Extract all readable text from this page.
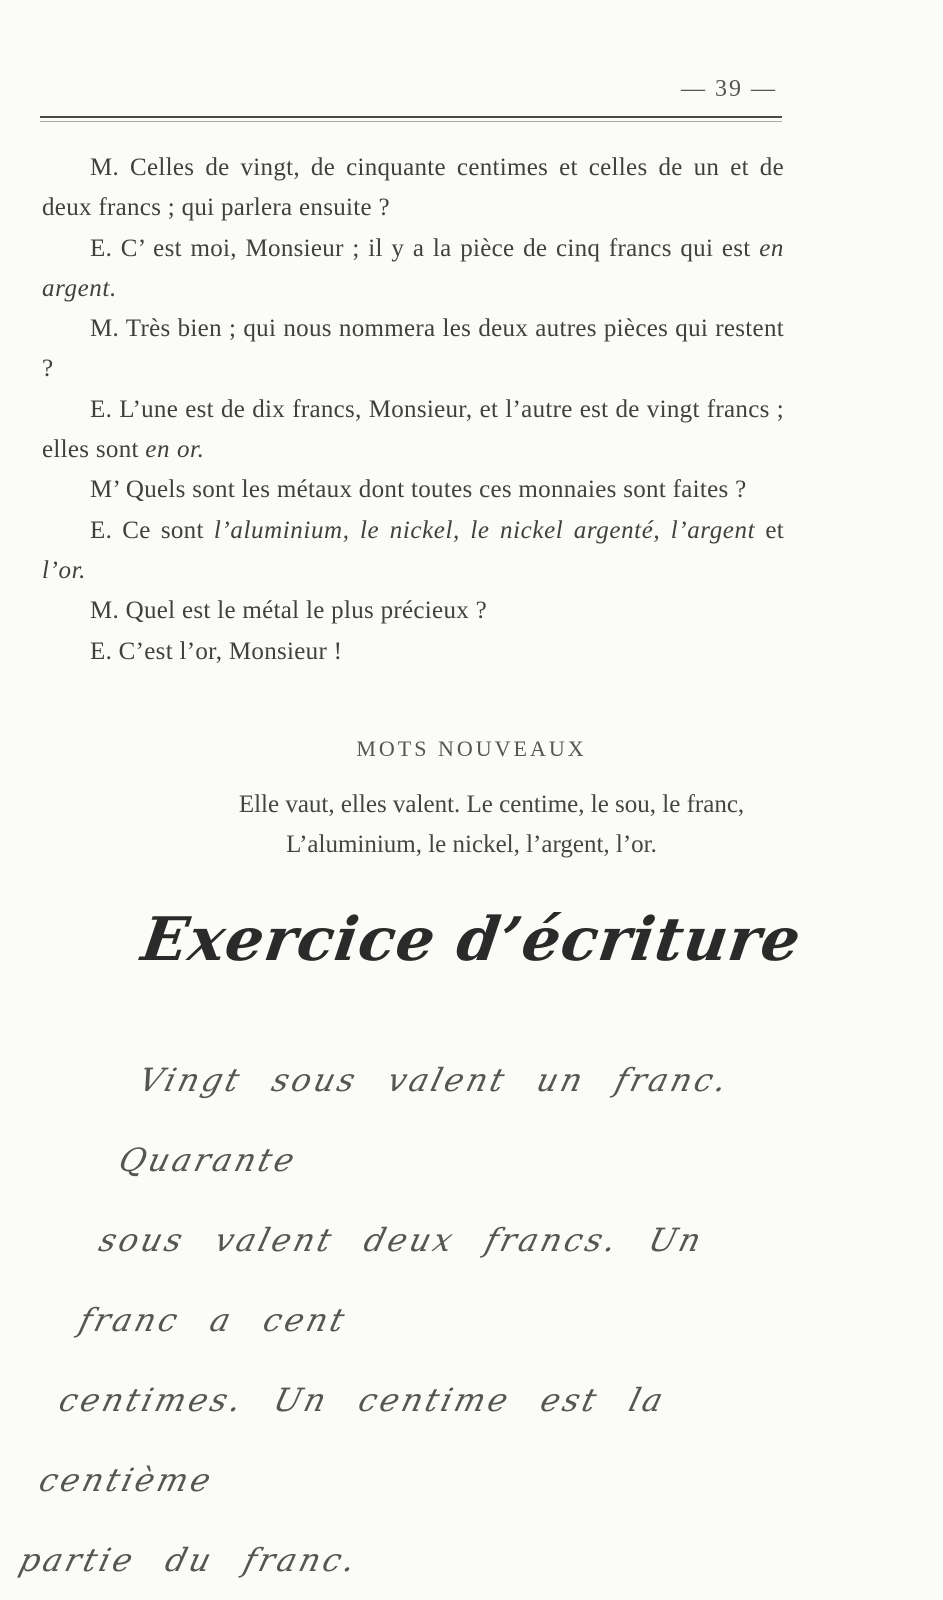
— 39 —

M. Celles de vingt, de cinquante centimes et celles de un et de deux francs ; qui parlera ensuite ?

E. C’ est moi, Monsieur ; il y a la pièce de cinq francs qui est en argent.

M. Très bien ; qui nous nommera les deux autres pièces qui restent ?

E. L’une est de dix francs, Monsieur, et l’autre est de vingt francs ; elles sont en or.

M’ Quels sont les métaux dont toutes ces monnaies sont faites ?

E. Ce sont l’aluminium, le nickel, le nickel argenté, l’argent et l’or.

M. Quel est le métal le plus précieux ?

E. C’est l’or, Monsieur !

MOTS NOUVEAUX
Elle vaut, elles valent. Le centime, le sou, le franc,
L’aluminium, le nickel, l’argent, l’or.
Exercice d’écriture

Vingt sous valent un franc. Quarante

sous valent deux francs. Un franc a cent

centimes. Un centime est la centième

partie du franc.
